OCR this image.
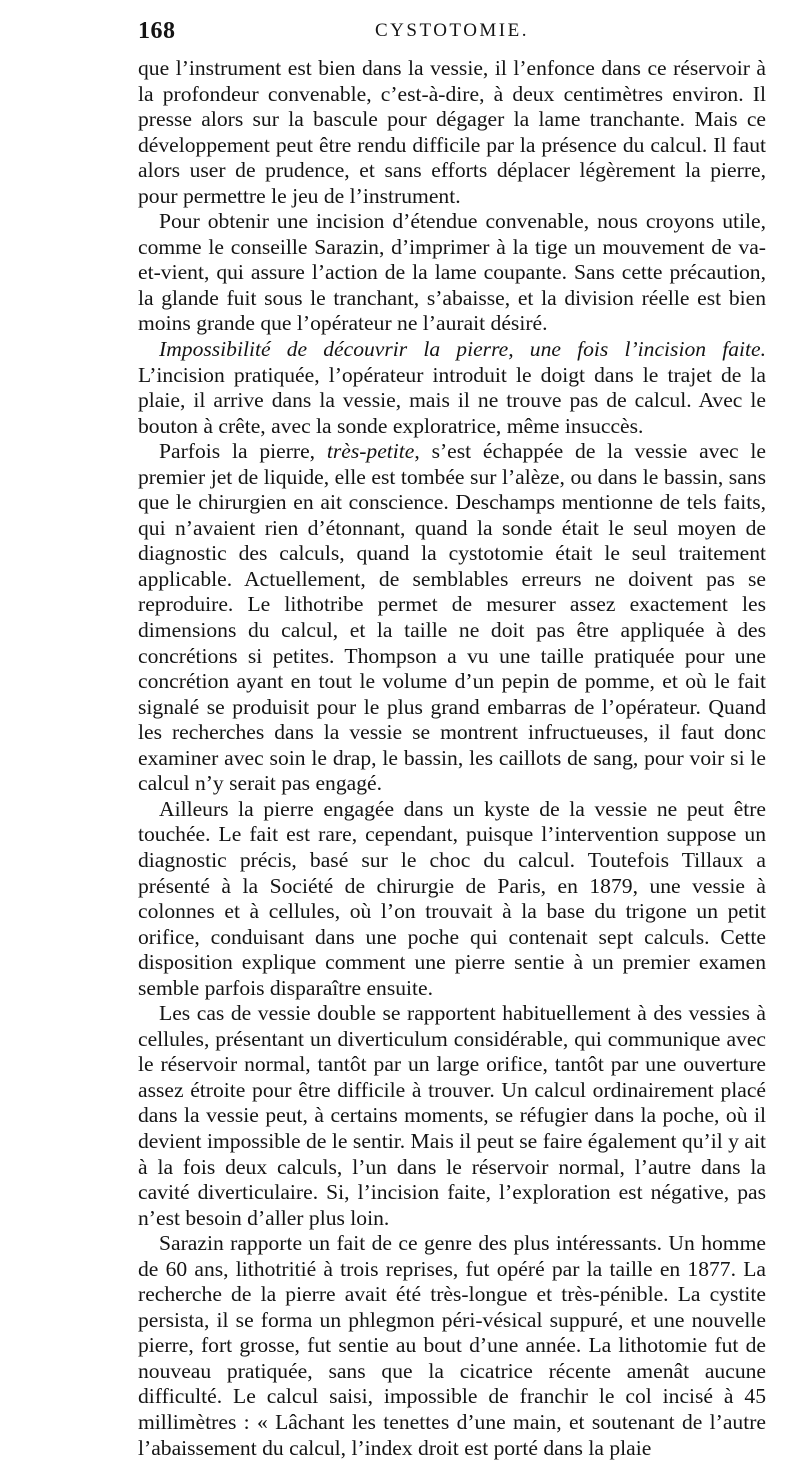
168	CYSTOTOMIE.

que l’instrument est bien dans la vessie, il l’enfonce dans ce réservoir à la profondeur convenable, c’est-à-dire, à deux centimètres environ. Il presse alors sur la bascule pour dégager la lame tranchante. Mais ce développement peut être rendu difficile par la présence du calcul. Il faut alors user de prudence, et sans efforts déplacer légèrement la pierre, pour permettre le jeu de l’instrument.

Pour obtenir une incision d’étendue convenable, nous croyons utile, comme le conseille Sarazin, d’imprimer à la tige un mouvement de va-et-vient, qui assure l’action de la lame coupante. Sans cette précaution, la glande fuit sous le tranchant, s’abaisse, et la division réelle est bien moins grande que l’opérateur ne l’aurait désiré.

Impossibilité de découvrir la pierre, une fois l’incision faite. L’incision pratiquée, l’opérateur introduit le doigt dans le trajet de la plaie, il arrive dans la vessie, mais il ne trouve pas de calcul. Avec le bouton à crête, avec la sonde exploratrice, même insuccès.

Parfois la pierre, très-petite, s’est échappée de la vessie avec le premier jet de liquide, elle est tombée sur l’alèze, ou dans le bassin, sans que le chirurgien en ait conscience. Deschamps mentionne de tels faits, qui n’avaient rien d’étonnant, quand la sonde était le seul moyen de diagnostic des calculs, quand la cystotomie était le seul traitement applicable. Actuellement, de semblables erreurs ne doivent pas se reproduire. Le lithotribe permet de mesurer assez exactement les dimensions du calcul, et la taille ne doit pas être appliquée à des concrétions si petites. Thompson a vu une taille pratiquée pour une concrétion ayant en tout le volume d’un pepin de pomme, et où le fait signalé se produisit pour le plus grand embarras de l’opérateur. Quand les recherches dans la vessie se montrent infructueuses, il faut donc examiner avec soin le drap, le bassin, les caillots de sang, pour voir si le calcul n’y serait pas engagé.

Ailleurs la pierre engagée dans un kyste de la vessie ne peut être touchée. Le fait est rare, cependant, puisque l’intervention suppose un diagnostic précis, basé sur le choc du calcul. Toutefois Tillaux a présenté à la Société de chirurgie de Paris, en 1879, une vessie à colonnes et à cellules, où l’on trouvait à la base du trigone un petit orifice, conduisant dans une poche qui contenait sept calculs. Cette disposition explique comment une pierre sentie à un premier examen semble parfois disparaître ensuite.

Les cas de vessie double se rapportent habituellement à des vessies à cellules, présentant un diverticulum considérable, qui communique avec le réservoir normal, tantôt par un large orifice, tantôt par une ouverture assez étroite pour être difficile à trouver. Un calcul ordinairement placé dans la vessie peut, à certains moments, se réfugier dans la poche, où il devient impossible de le sentir. Mais il peut se faire également qu’il y ait à la fois deux calculs, l’un dans le réservoir normal, l’autre dans la cavité diverticulaire. Si, l’incision faite, l’exploration est négative, pas n’est besoin d’aller plus loin.

Sarazin rapporte un fait de ce genre des plus intéressants. Un homme de 60 ans, lithotritié à trois reprises, fut opéré par la taille en 1877. La recherche de la pierre avait été très-longue et très-pénible. La cystite persista, il se forma un phlegmon péri-vésical suppuré, et une nouvelle pierre, fort grosse, fut sentie au bout d’une année. La lithotomie fut de nouveau pratiquée, sans que la cicatrice récente amenât aucune difficulté. Le calcul saisi, impossible de franchir le col incisé à 45 millimètres : « Lâchant les tenettes d’une main, et soutenant de l’autre l’abaissement du calcul, l’index droit est porté dans la plaie
